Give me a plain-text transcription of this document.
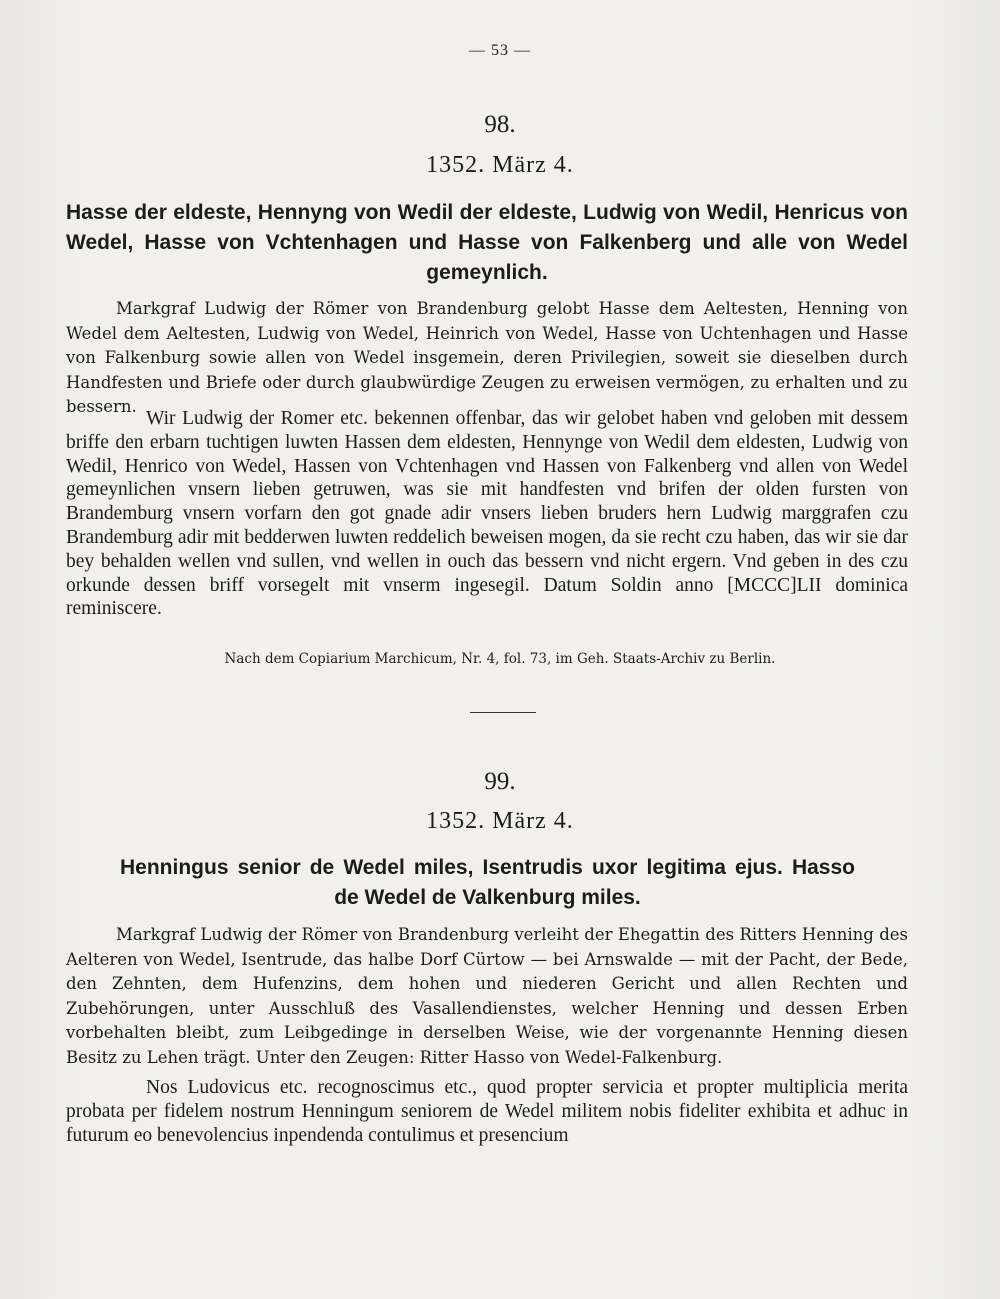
— 53 —
98.
1352. März 4.
Hasse der eldeste, Hennyng von Wedil der eldeste, Ludwig von Wedil, Henricus von Wedel, Hasse von Vchtenhagen und Hasse von Falkenberg und alle von Wedel gemeynlich.
Markgraf Ludwig der Römer von Brandenburg gelobt Hasse dem Aeltesten, Henning von Wedel dem Aeltesten, Ludwig von Wedel, Heinrich von Wedel, Hasse von Uchtenhagen und Hasse von Falkenburg sowie allen von Wedel insgemein, deren Privilegien, soweit sie dieselben durch Handfesten und Briefe oder durch glaubwürdige Zeugen zu erweisen vermögen, zu erhalten und zu bessern.
Wir Ludwig der Romer etc. bekennen offenbar, das wir gelobet haben vnd geloben mit dessem briffe den erbarn tuchtigen luwten Hassen dem eldesten, Hennynge von Wedil dem eldesten, Ludwig von Wedil, Henrico von Wedel, Hassen von Vchtenhagen vnd Hassen von Falkenberg vnd allen von Wedel gemeynlichen vnsern lieben getruwen, was sie mit handfesten vnd brifen der olden fursten von Brandemburg vnsern vorfarn den got gnade adir vnsers lieben bruders hern Ludwig marggrafen czu Brandemburg adir mit bedderwen luwten reddelich beweisen mogen, da sie recht czu haben, das wir sie dar bey behalden wellen vnd sullen, vnd wellen in ouch das bessern vnd nicht ergern. Vnd geben in des czu orkunde dessen briff vorsegelt mit vnserm ingesegil. Datum Soldin anno [MCCC]LII dominica reminiscere.
Nach dem Copiarium Marchicum, Nr. 4, fol. 73, im Geh. Staats-Archiv zu Berlin.
99.
1352. März 4.
Henningus senior de Wedel miles, Isentrudis uxor legitima ejus. Hasso de Wedel de Valkenburg miles.
Markgraf Ludwig der Römer von Brandenburg verleiht der Ehegattin des Ritters Henning des Aelteren von Wedel, Isentrude, das halbe Dorf Cürtow — bei Arnswalde — mit der Pacht, der Bede, den Zehnten, dem Hufenzins, dem hohen und niederen Gericht und allen Rechten und Zubehörungen, unter Ausschluß des Vasallendienstes, welcher Henning und dessen Erben vorbehalten bleibt, zum Leibgedinge in derselben Weise, wie der vorgenannte Henning diesen Besitz zu Lehen trägt. Unter den Zeugen: Ritter Hasso von Wedel-Falkenburg.
Nos Ludovicus etc. recognoscimus etc., quod propter servicia et propter multiplicia merita probata per fidelem nostrum Henningum seniorem de Wedel militem nobis fideliter exhibita et adhuc in futurum eo benevolencius inpendenda contulimus et presencium
